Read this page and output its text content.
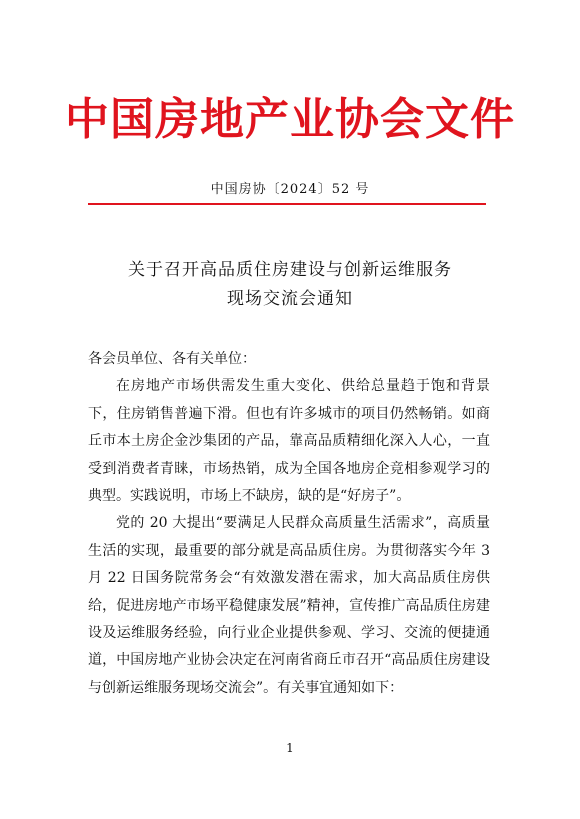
中国房地产业协会文件
中国房协〔2024〕52 号
关于召开高品质住房建设与创新运维服务
现场交流会通知

各会员单位、各有关单位：

在房地产市场供需发生重大变化、供给总量趋于饱和背景下，住房销售普遍下滑。但也有许多城市的项目仍然畅销。如商丘市本土房企金沙集团的产品，靠高品质精细化深入人心，一直受到消费者青睐，市场热销，成为全国各地房企竞相参观学习的典型。实践说明，市场上不缺房，缺的是“好房子”。

党的 20 大提出“要满足人民群众高质量生活需求”，高质量生活的实现，最重要的部分就是高品质住房。为贯彻落实今年 3 月 22 日国务院常务会“有效激发潜在需求，加大高品质住房供给，促进房地产市场平稳健康发展”精神，宣传推广高品质住房建设及运维服务经验，向行业企业提供参观、学习、交流的便捷通道，中国房地产业协会决定在河南省商丘市召开“高品质住房建设与创新运维服务现场交流会”。有关事宜通知如下：

1
